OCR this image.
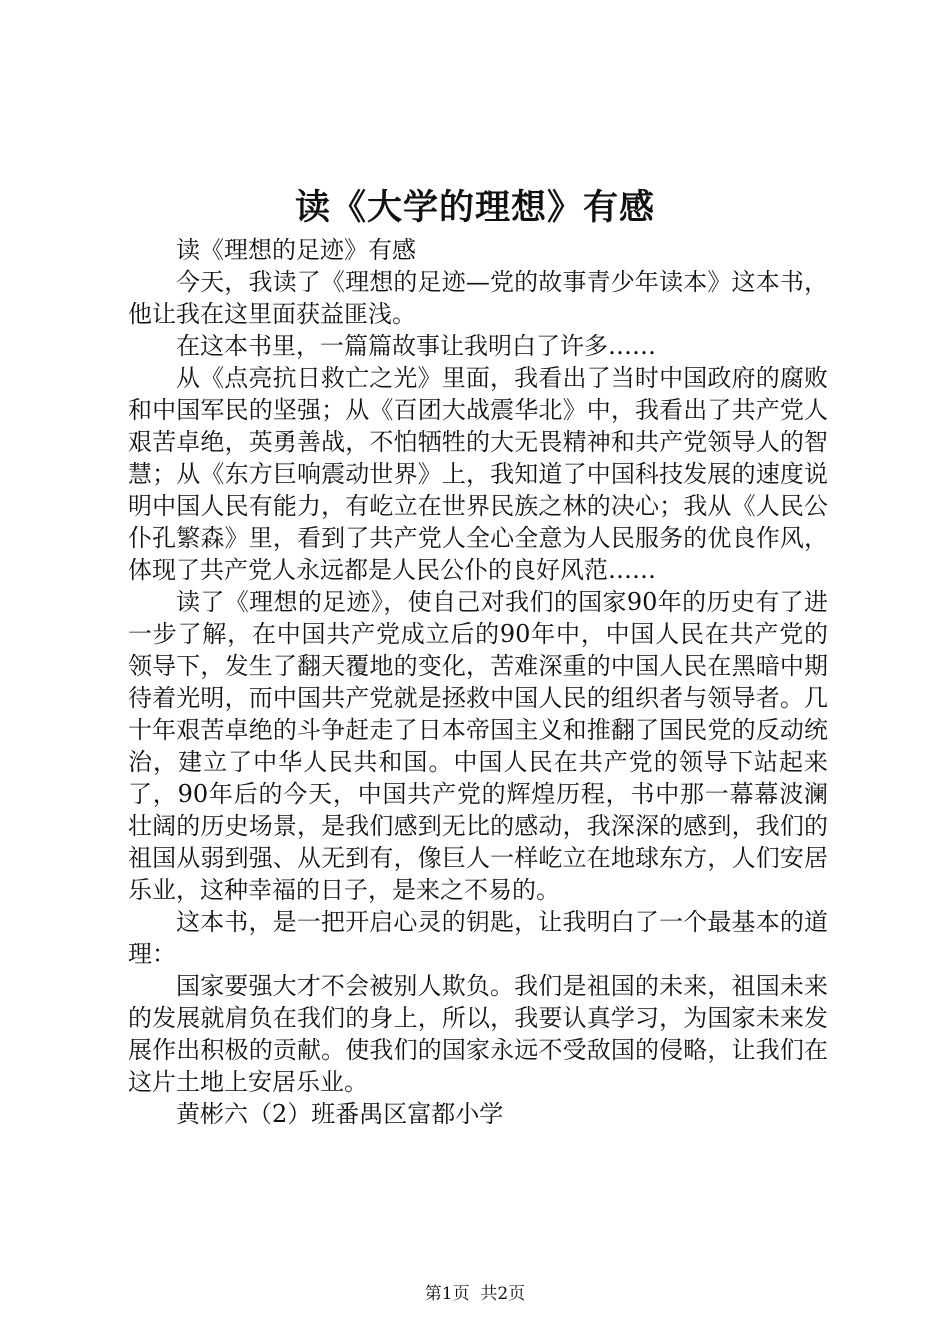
读《大学的理想》有感

读《理想的足迹》有感

今天，我读了《理想的足迹—党的故事青少年读本》这本书，他让我在这里面获益匪浅。

在这本书里，一篇篇故事让我明白了许多……

从《点亮抗日救亡之光》里面，我看出了当时中国政府的腐败和中国军民的坚强；从《百团大战震华北》中，我看出了共产党人艰苦卓绝，英勇善战，不怕牺牲的大无畏精神和共产党领导人的智慧；从《东方巨响震动世界》上，我知道了中国科技发展的速度说明中国人民有能力，有屹立在世界民族之林的决心；我从《人民公仆孔繁森》里，看到了共产党人全心全意为人民服务的优良作风，体现了共产党人永远都是人民公仆的良好风范……

读了《理想的足迹》，使自己对我们的国家90年的历史有了进一步了解，在中国共产党成立后的90年中，中国人民在共产党的领导下，发生了翻天覆地的变化，苦难深重的中国人民在黑暗中期待着光明，而中国共产党就是拯救中国人民的组织者与领导者。几十年艰苦卓绝的斗争赶走了日本帝国主义和推翻了国民党的反动统治，建立了中华人民共和国。中国人民在共产党的领导下站起来了，90年后的今天，中国共产党的辉煌历程，书中那一幕幕波澜壮阔的历史场景，是我们感到无比的感动，我深深的感到，我们的祖国从弱到强、从无到有，像巨人一样屹立在地球东方，人们安居乐业，这种幸福的日子，是来之不易的。

这本书，是一把开启心灵的钥匙，让我明白了一个最基本的道理：

国家要强大才不会被别人欺负。我们是祖国的未来，祖国未来的发展就肩负在我们的身上，所以，我要认真学习，为国家未来发展作出积极的贡献。使我们的国家永远不受敌国的侵略，让我们在这片土地上安居乐业。

黄彬六（2）班番禺区富都小学

第1页  共2页
